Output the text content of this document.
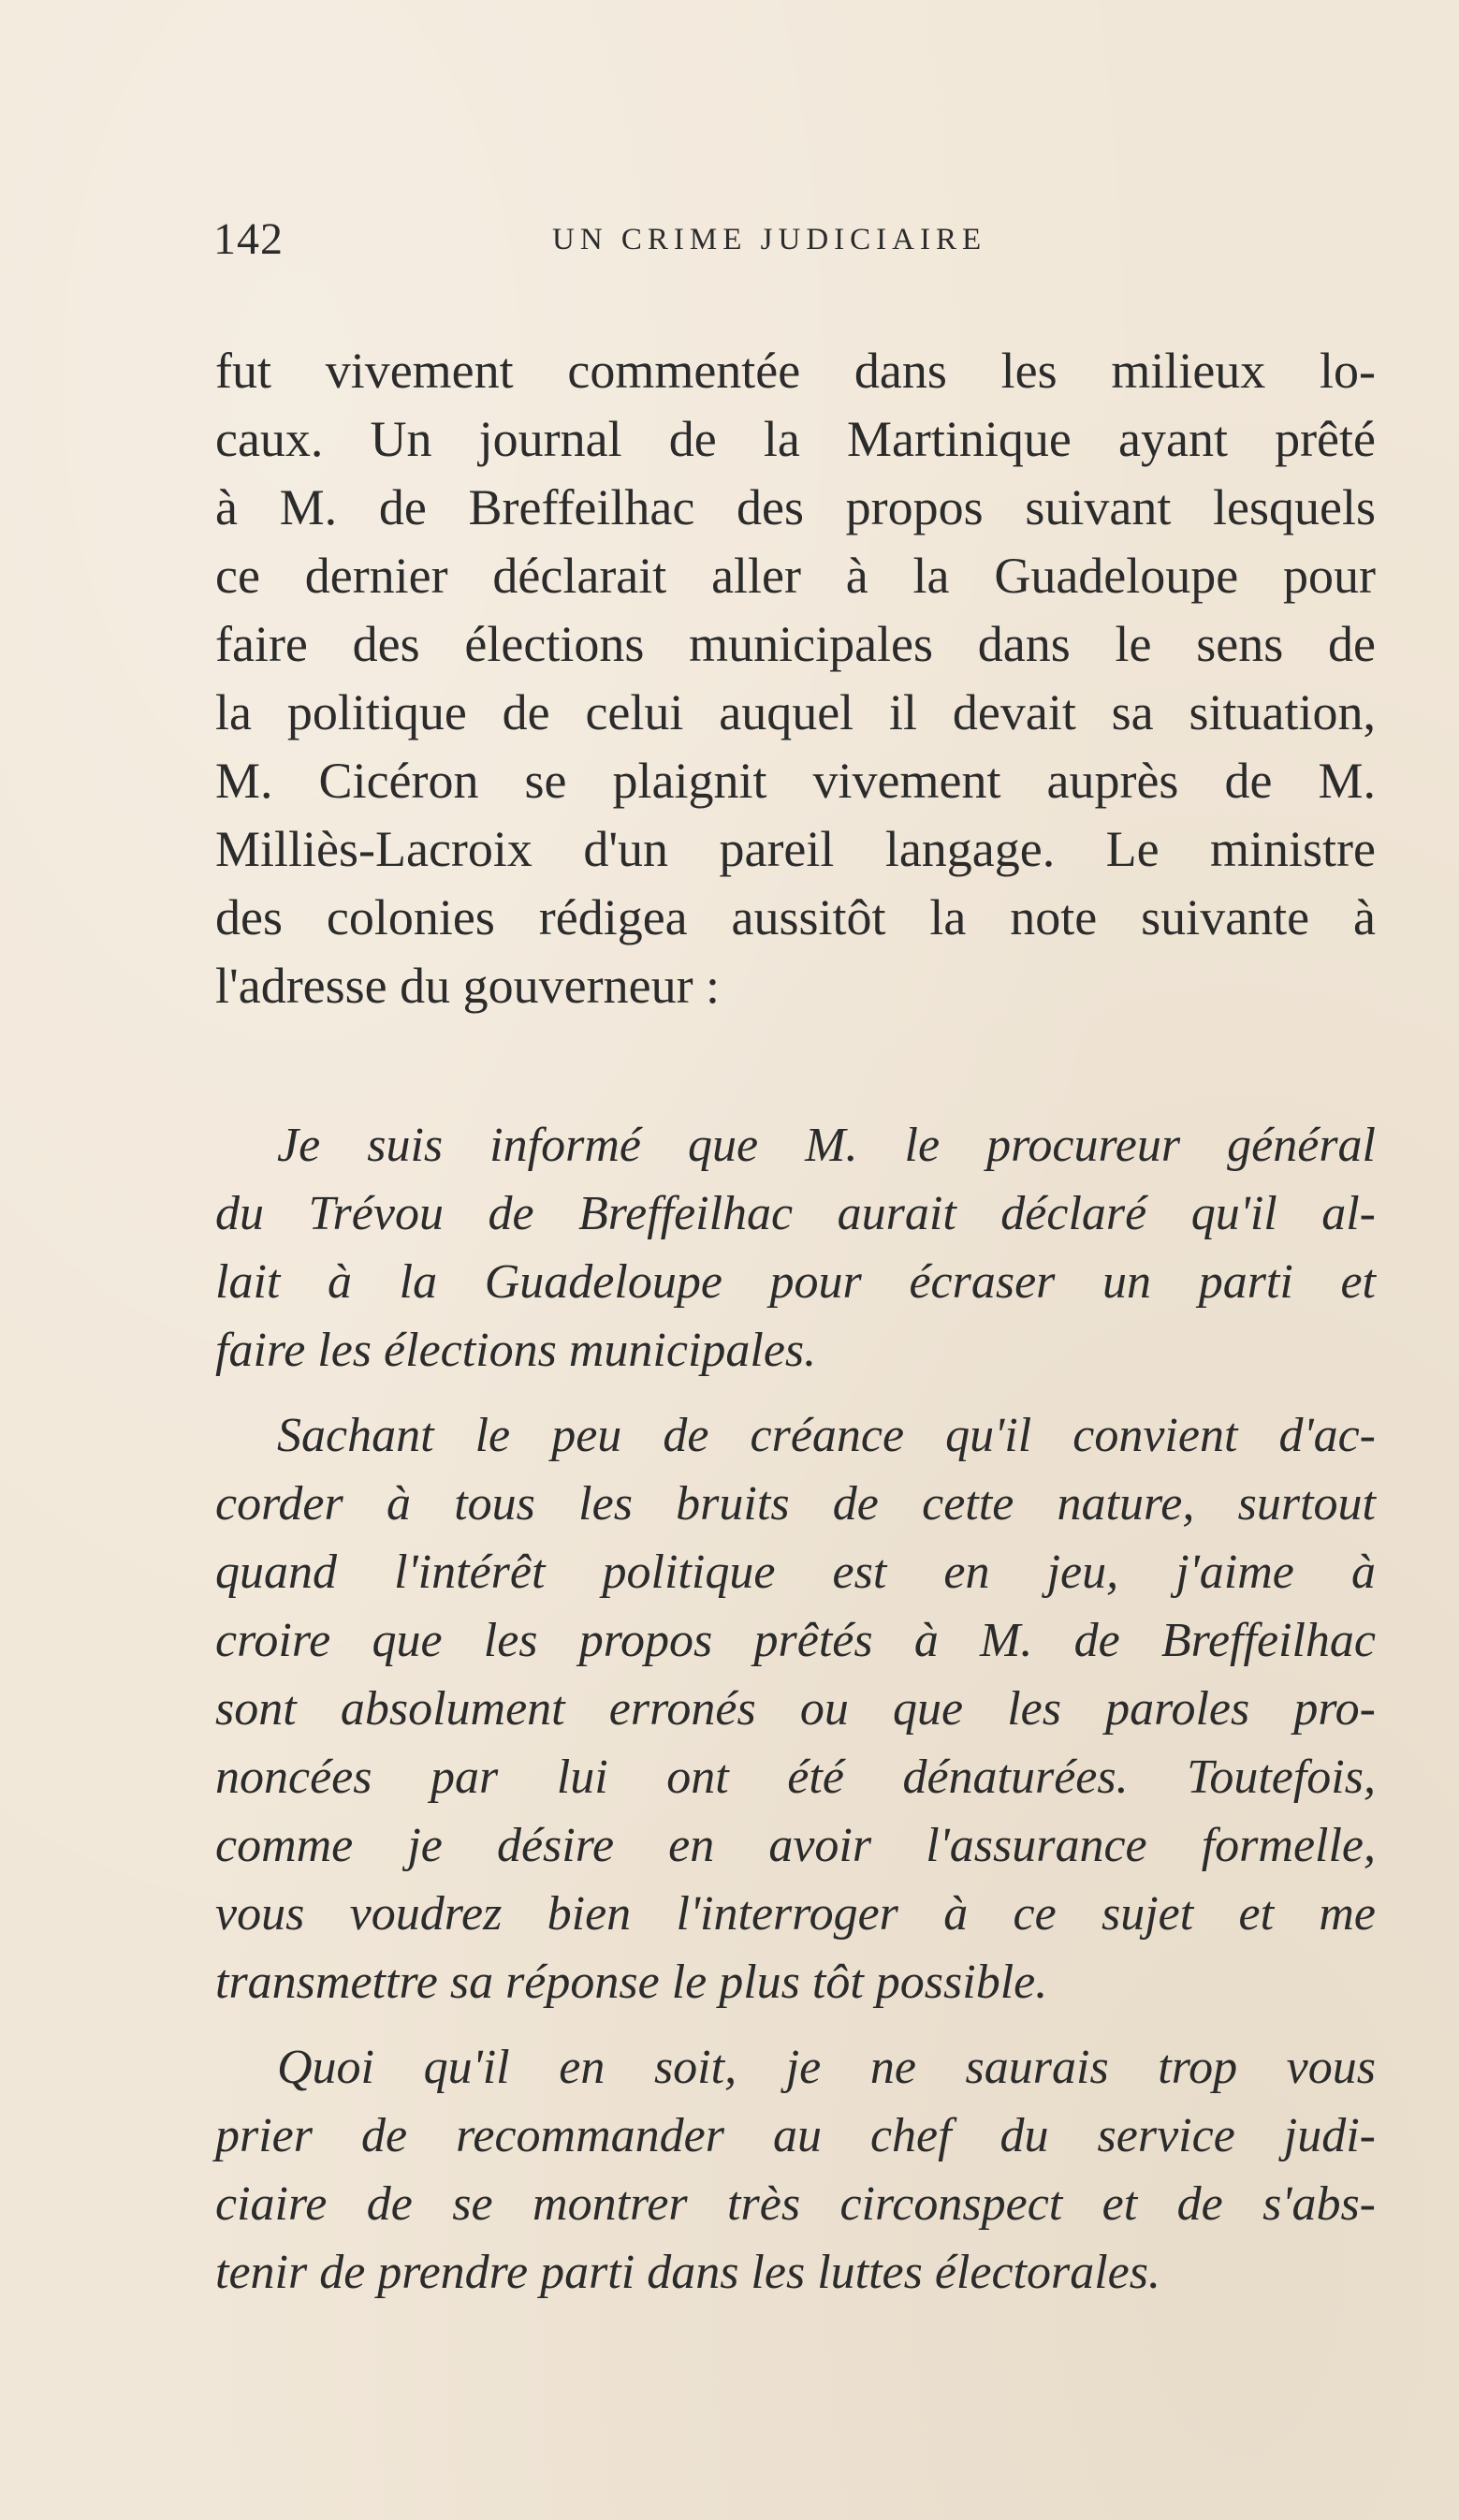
142	UN CRIME JUDICIAIRE
fut vivement commentée dans les milieux lo-
caux. Un journal de la Martinique ayant prêté
à M. de Breffeilhac des propos suivant lesquels
ce dernier déclarait aller à la Guadeloupe pour
faire des élections municipales dans le sens de
la politique de celui auquel il devait sa situation,
M. Cicéron se plaignit vivement auprès de M.
Milliès-Lacroix d'un pareil langage. Le ministre
des colonies rédigea aussitôt la note suivante à
l'adresse du gouverneur :
Je suis informé que M. le procureur général
du Trévou de Breffeilhac aurait déclaré qu'il al-
lait à la Guadeloupe pour écraser un parti et
faire les élections municipales.
Sachant le peu de créance qu'il convient d'ac-
corder à tous les bruits de cette nature, surtout
quand l'intérêt politique est en jeu, j'aime à
croire que les propos prêtés à M. de Breffeilhac
sont absolument erronés ou que les paroles pro-
noncées par lui ont été dénaturées. Toutefois,
comme je désire en avoir l'assurance formelle,
vous voudrez bien l'interroger à ce sujet et me
transmettre sa réponse le plus tôt possible.
Quoi qu'il en soit, je ne saurais trop vous
prier de recommander au chef du service judi-
ciaire de se montrer très circonspect et de s'abs-
tenir de prendre parti dans les luttes électorales.
